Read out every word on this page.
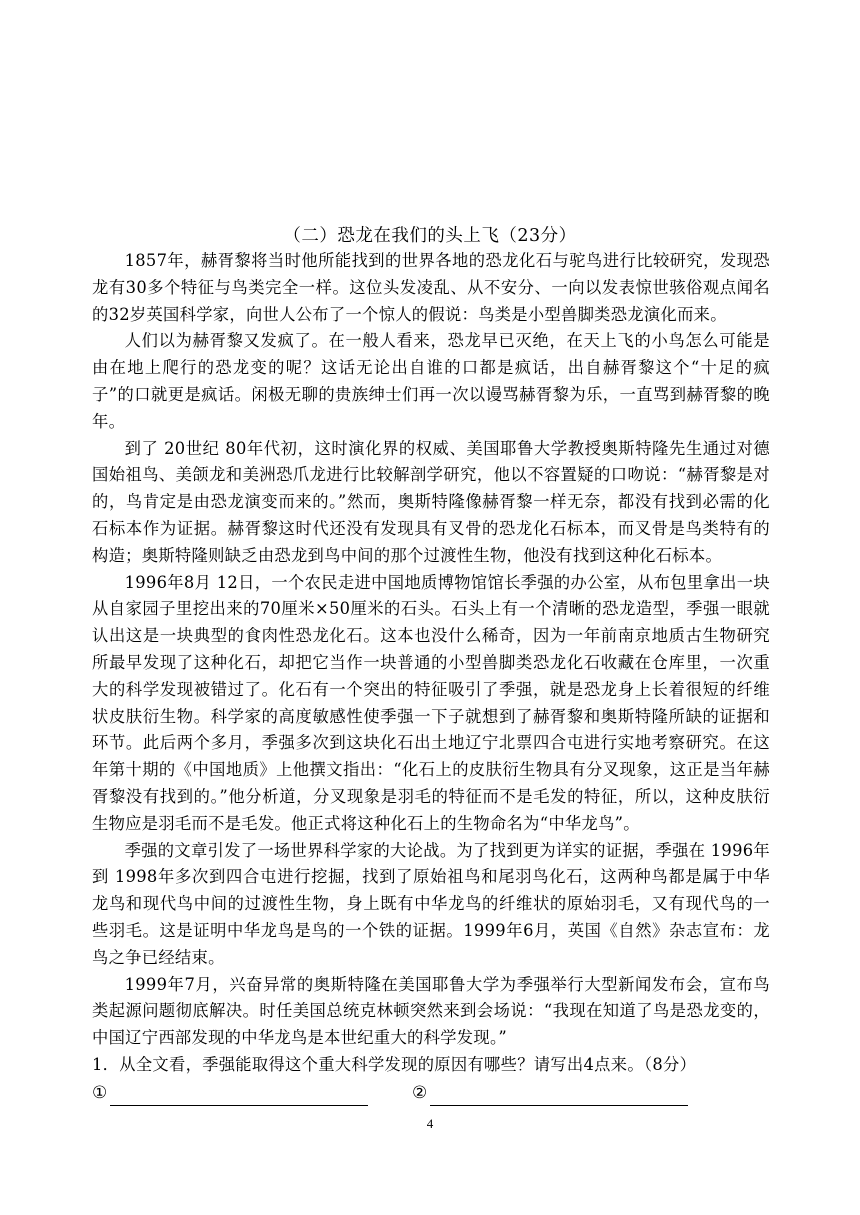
（二）恐龙在我们的头上飞（23分）

1857年，赫胥黎将当时他所能找到的世界各地的恐龙化石与驼鸟进行比较研究，发现恐龙有30多个特征与鸟类完全一样。这位头发凌乱、从不安分、一向以发表惊世骇俗观点闻名的32岁英国科学家，向世人公布了一个惊人的假说：鸟类是小型兽脚类恐龙演化而来。

人们以为赫胥黎又发疯了。在一般人看来，恐龙早已灭绝，在天上飞的小鸟怎么可能是由在地上爬行的恐龙变的呢？这话无论出自谁的口都是疯话，出自赫胥黎这个“十足的疯子”的口就更是疯话。闲极无聊的贵族绅士们再一次以谩骂赫胥黎为乐，一直骂到赫胥黎的晚年。

到了 20世纪 80年代初，这时演化界的权威、美国耶鲁大学教授奥斯特隆先生通过对德国始祖鸟、美颌龙和美洲恐爪龙进行比较解剖学研究，他以不容置疑的口吻说：“赫胥黎是对的，鸟肯定是由恐龙演变而来的。”然而，奥斯特隆像赫胥黎一样无奈，都没有找到必需的化石标本作为证据。赫胥黎这时代还没有发现具有叉骨的恐龙化石标本，而叉骨是鸟类特有的构造；奥斯特隆则缺乏由恐龙到鸟中间的那个过渡性生物，他没有找到这种化石标本。

1996年8月 12日，一个农民走进中国地质博物馆馆长季强的办公室，从布包里拿出一块从自家园子里挖出来的70厘米×50厘米的石头。石头上有一个清晰的恐龙造型，季强一眼就认出这是一块典型的食肉性恐龙化石。这本也没什么稀奇，因为一年前南京地质古生物研究所最早发现了这种化石，却把它当作一块普通的小型兽脚类恐龙化石收藏在仓库里，一次重大的科学发现被错过了。化石有一个突出的特征吸引了季强，就是恐龙身上长着很短的纤维状皮肤衍生物。科学家的高度敏感性使季强一下子就想到了赫胥黎和奥斯特隆所缺的证据和环节。此后两个多月，季强多次到这块化石出土地辽宁北票四合屯进行实地考察研究。在这年第十期的《中国地质》上他撰文指出：“化石上的皮肤衍生物具有分叉现象，这正是当年赫胥黎没有找到的。”他分析道，分叉现象是羽毛的特征而不是毛发的特征，所以，这种皮肤衍生物应是羽毛而不是毛发。他正式将这种化石上的生物命名为“中华龙鸟”。

季强的文章引发了一场世界科学家的大论战。为了找到更为详实的证据，季强在 1996年到 1998年多次到四合屯进行挖掘，找到了原始祖鸟和尾羽鸟化石，这两种鸟都是属于中华龙鸟和现代鸟中间的过渡性生物，身上既有中华龙鸟的纤维状的原始羽毛，又有现代鸟的一些羽毛。这是证明中华龙鸟是鸟的一个铁的证据。1999年6月，英国《自然》杂志宣布：龙鸟之争已经结束。

1999年7月，兴奋异常的奥斯特隆在美国耶鲁大学为季强举行大型新闻发布会，宣布鸟类起源问题彻底解决。时任美国总统克林顿突然来到会场说：“我现在知道了鸟是恐龙变的，中国辽宁西部发现的中华龙鸟是本世纪重大的科学发现。”

1．从全文看，季强能取得这个重大科学发现的原因有哪些？请写出4点来。（8分）
①	②
4
